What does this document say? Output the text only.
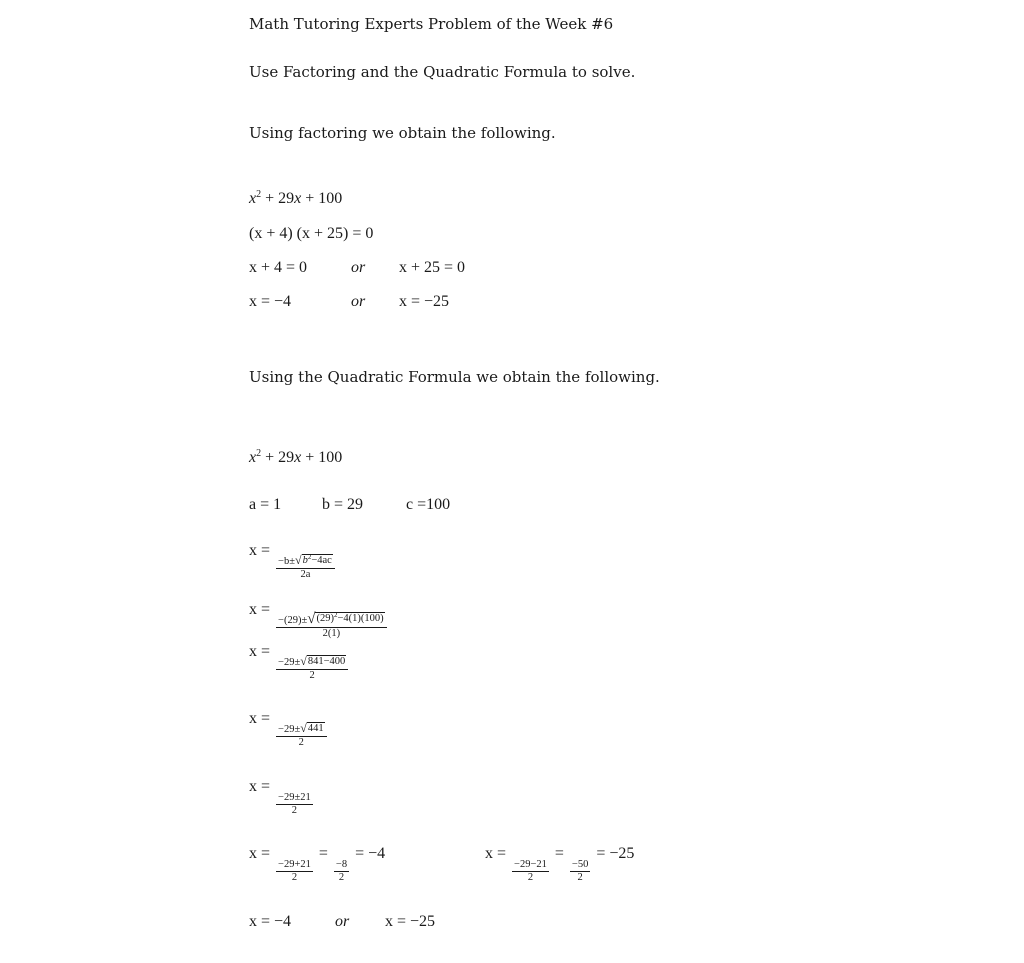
Math Tutoring Experts Problem of the Week #6
Use Factoring and the Quadratic Formula to solve.
Using factoring we obtain the following.
$x^2 + 29x + 100$
(x + 4) (x + 25) = 0
x + 4 = 0	or x + 25 = 0
x = −4	or x = −25
Using the Quadratic Formula we obtain the following.
$x^2 + 29x + 100$
a = 1	b = 29	c =100
x =
$\frac{-b\pm √ b^2-4ac}{2a}$
x =
$\frac{-(29)\pm √ (29)^2-4(1)(100)}{2(1)}$
x =
$\frac{-29\pm √ 841-400}{2}$
x =
$\frac{-29\pm √ 441}{2}$
x =
$\frac{-29\pm 21}{2}$
x =
$\frac{-29+21}{2}$
=
$\frac{-8}{2}$
= −4	x =
$\frac{-29-21}{2}$
=
$\frac{-50}{2}$
= −25
x = −4	or x = −25
